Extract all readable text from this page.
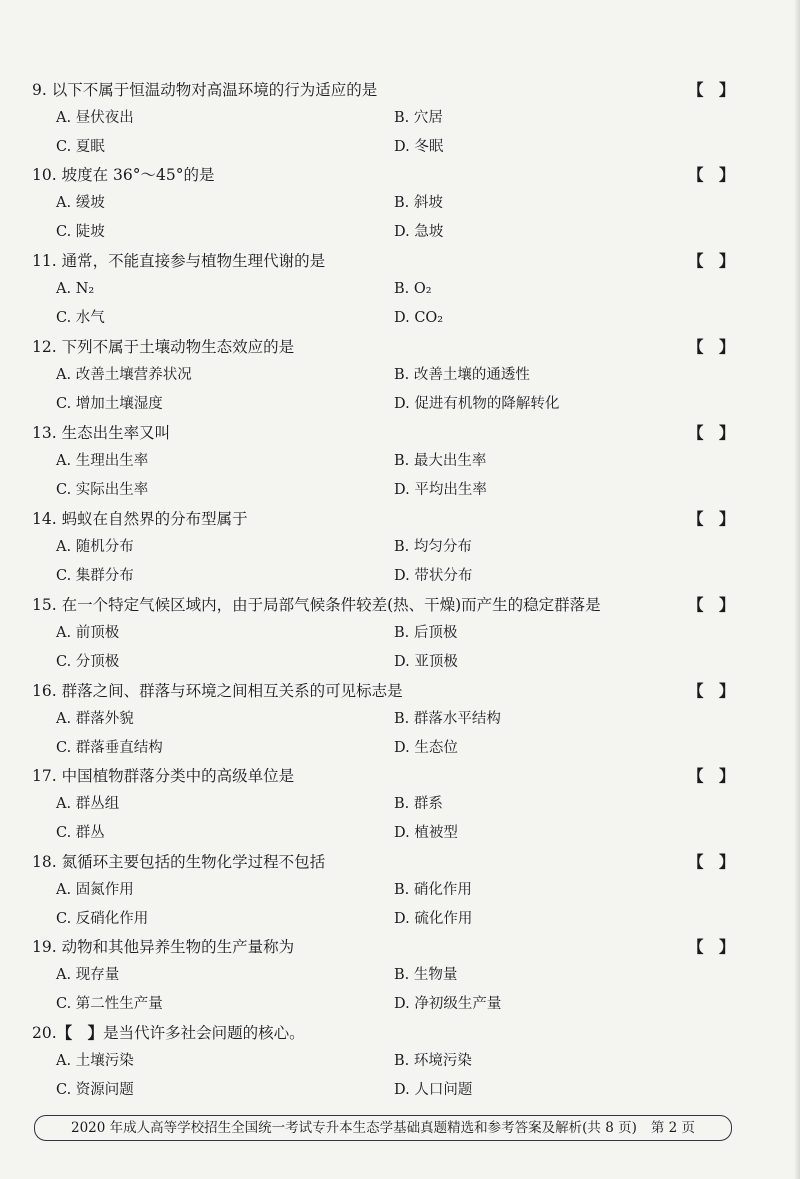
9. 以下不属于恒温动物对高温环境的行为适应的是	【　】
A. 昼伏夜出	B. 穴居
C. 夏眠	D. 冬眠
10. 坡度在 36°～45°的是	【　】
A. 缓坡	B. 斜坡
C. 陡坡	D. 急坡
11. 通常，不能直接参与植物生理代谢的是	【　】
A. N₂	B. O₂
C. 水气	D. CO₂
12. 下列不属于土壤动物生态效应的是	【　】
A. 改善土壤营养状况	B. 改善土壤的通透性
C. 增加土壤湿度	D. 促进有机物的降解转化
13. 生态出生率又叫	【　】
A. 生理出生率	B. 最大出生率
C. 实际出生率	D. 平均出生率
14. 蚂蚁在自然界的分布型属于	【　】
A. 随机分布	B. 均匀分布
C. 集群分布	D. 带状分布
15. 在一个特定气候区域内，由于局部气候条件较差(热、干燥)而产生的稳定群落是	【　】
A. 前顶极	B. 后顶极
C. 分顶极	D. 亚顶极
16. 群落之间、群落与环境之间相互关系的可见标志是	【　】
A. 群落外貌	B. 群落水平结构
C. 群落垂直结构	D. 生态位
17. 中国植物群落分类中的高级单位是	【　】
A. 群丛组	B. 群系
C. 群丛	D. 植被型
18. 氮循环主要包括的生物化学过程不包括	【　】
A. 固氮作用	B. 硝化作用
C. 反硝化作用	D. 硫化作用
19. 动物和其他异养生物的生产量称为	【　】
A. 现存量	B. 生物量
C. 第二性生产量	D. 净初级生产量
20.【　】是当代许多社会问题的核心。
A. 土壤污染	B. 环境污染
C. 资源问题	D. 人口问题
2020 年成人高等学校招生全国统一考试专升本生态学基础真题精选和参考答案及解析(共 8 页) 第 2 页
